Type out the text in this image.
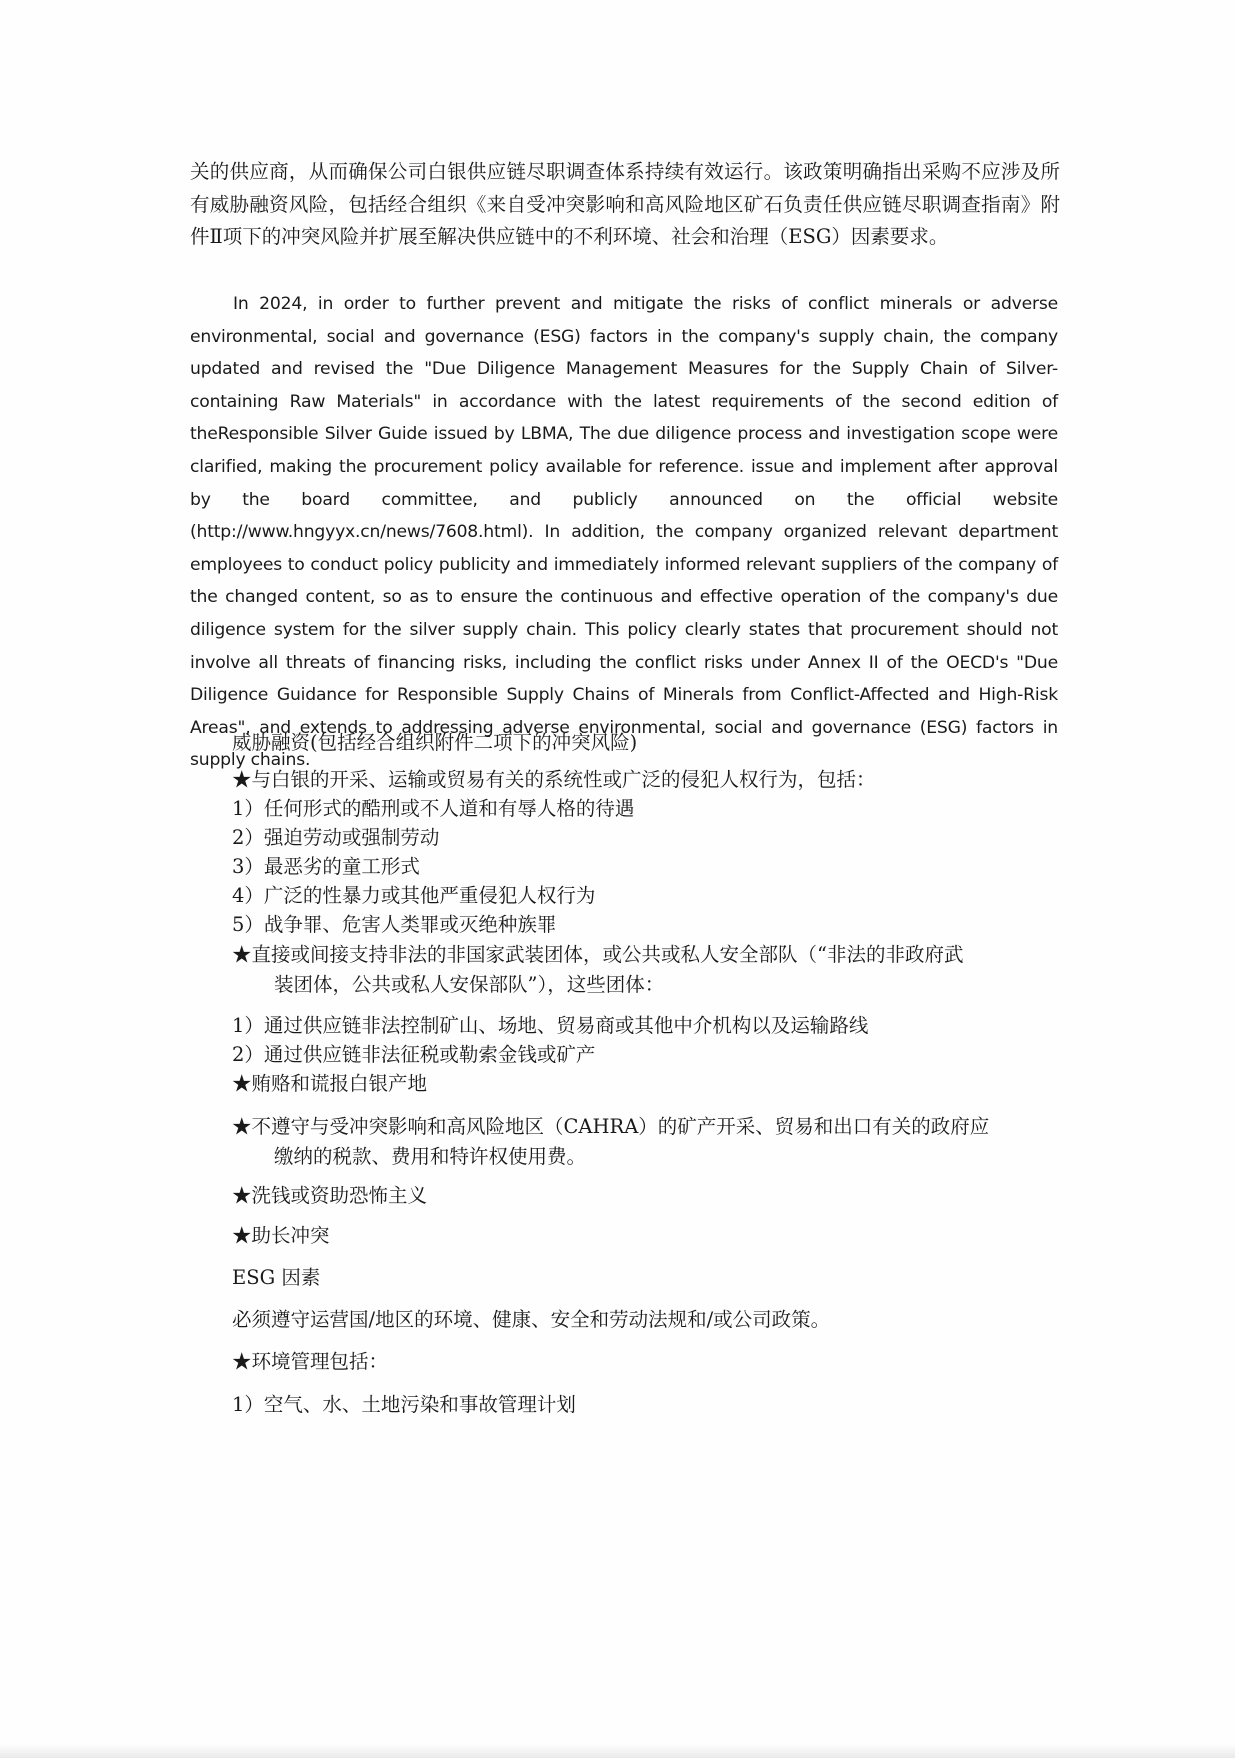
关的供应商，从而确保公司白银供应链尽职调查体系持续有效运行。该政策明确指出采购不应涉及所有威胁融资风险，包括经合组织《来自受冲突影响和高风险地区矿石负责任供应链尽职调查指南》附件Ⅱ项下的冲突风险并扩展至解决供应链中的不利环境、社会和治理（ESG）因素要求。

In 2024, in order to further prevent and mitigate the risks of conflict minerals or adverse environmental, social and governance (ESG) factors in the company's supply chain, the company updated and revised the "Due Diligence Management Measures for the Supply Chain of Silver-containing Raw Materials" in accordance with the latest requirements of the second edition of theResponsible Silver Guide issued by LBMA, The due diligence process and investigation scope were clarified, making the procurement policy available for reference. issue and implement after approval by the board committee, and publicly announced on the official website (http://www.hngyyx.cn/news/7608.html). In addition, the company organized relevant department employees to conduct policy publicity and immediately informed relevant suppliers of the company of the changed content, so as to ensure the continuous and effective operation of the company's due diligence system for the silver supply chain. This policy clearly states that procurement should not involve all threats of financing risks, including the conflict risks under Annex II of the OECD's "Due Diligence Guidance for Responsible Supply Chains of Minerals from Conflict-Affected and High-Risk Areas", and extends to addressing adverse environmental, social and governance (ESG) factors in supply chains.

威胁融资(包括经合组织附件二项下的冲突风险)

★与白银的开采、运输或贸易有关的系统性或广泛的侵犯人权行为，包括：

1）任何形式的酷刑或不人道和有辱人格的待遇

2）强迫劳动或强制劳动

3）最恶劣的童工形式

4）广泛的性暴力或其他严重侵犯人权行为

5）战争罪、危害人类罪或灭绝种族罪

★直接或间接支持非法的非国家武装团体，或公共或私人安全部队（“非法的非政府武
装团体，公共或私人安保部队”），这些团体：

1）通过供应链非法控制矿山、场地、贸易商或其他中介机构以及运输路线

2）通过供应链非法征税或勒索金钱或矿产

★贿赂和谎报白银产地

★不遵守与受冲突影响和高风险地区（CAHRA）的矿产开采、贸易和出口有关的政府应
缴纳的税款、费用和特许权使用费。

★洗钱或资助恐怖主义

★助长冲突

ESG 因素

必须遵守运营国/地区的环境、健康、安全和劳动法规和/或公司政策。

★环境管理包括：

1）空气、水、土地污染和事故管理计划
